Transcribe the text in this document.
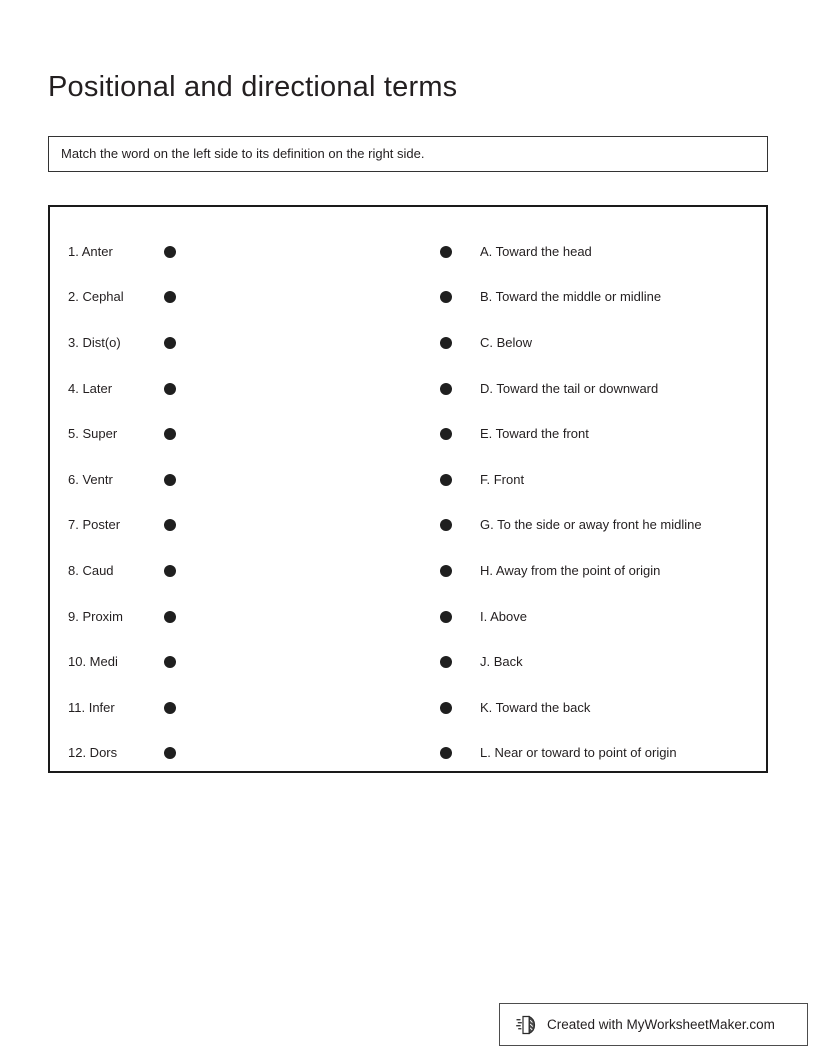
Positional and directional terms
Match the word on the left side to its definition on the right side.
1. Anter	A. Toward the head
2. Cephal	B. Toward the middle or midline
3. Dist(o)	C. Below
4. Later	D. Toward the tail or downward
5. Super	E. Toward the front
6. Ventr	F. Front
7. Poster	G. To the side or away front he midline
8. Caud	H. Away from the point of origin
9. Proxim	I. Above
10. Medi	J. Back
11. Infer	K. Toward the back
12. Dors	L. Near or toward to point of origin
Created with MyWorksheetMaker.com
